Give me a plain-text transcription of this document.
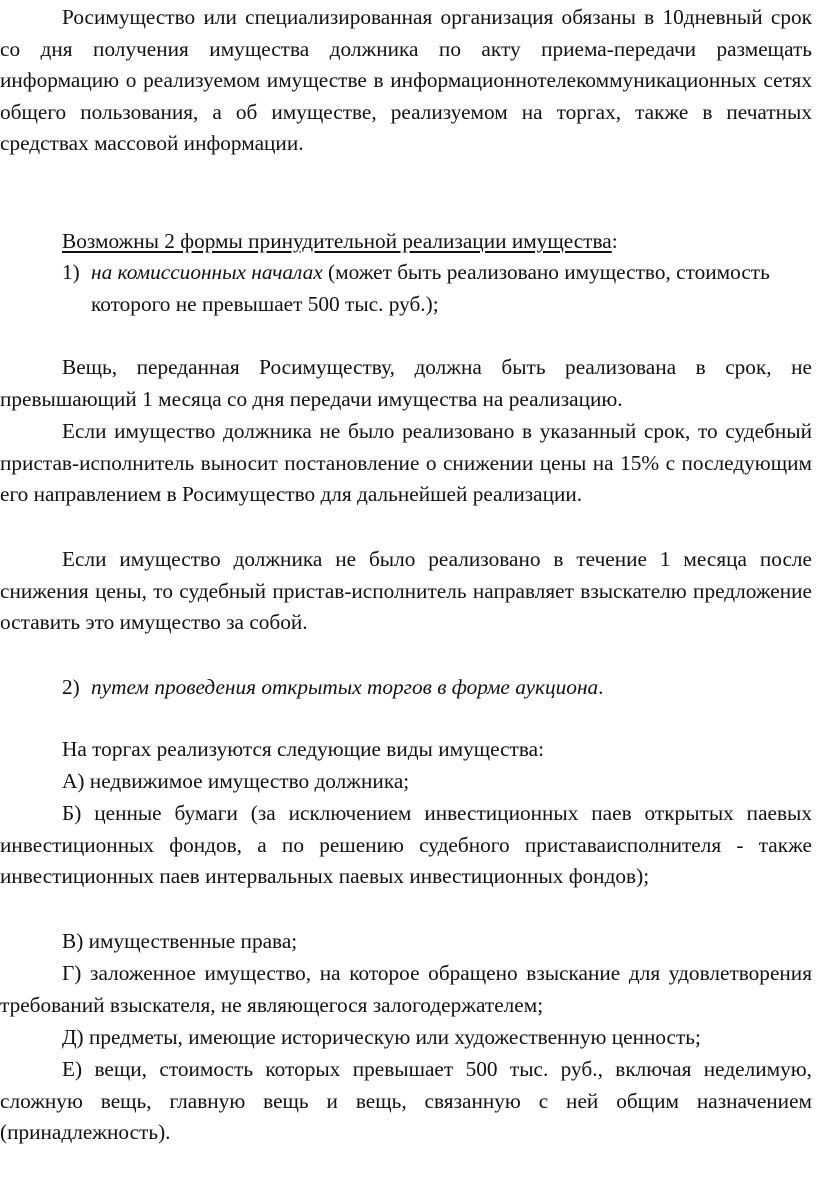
Росимущество или специализированная организация обязаны в 10дневный срок со дня получения имущества должника по акту приема-передачи размещать информацию о реализуемом имуществе в информационнотелекоммуникационных сетях общего пользования, а об имуществе, реализуемом на торгах, также в печатных средствах массовой информации.

Возможны 2 формы принудительной реализации имущества:

1) на комиссионных началах (может быть реализовано имущество, стоимость которого не превышает 500 тыс. руб.);

Вещь, переданная Росимуществу, должна быть реализована в срок, не превышающий 1 месяца со дня передачи имущества на реализацию.

Если имущество должника не было реализовано в указанный срок, то судебный пристав-исполнитель выносит постановление о снижении цены на 15% с последующим его направлением в Росимущество для дальнейшей реализации.

Если имущество должника не было реализовано в течение 1 месяца после снижения цены, то судебный пристав-исполнитель направляет взыскателю предложение оставить это имущество за собой.

2) путем проведения открытых торгов в форме аукциона.

На торгах реализуются следующие виды имущества:

А) недвижимое имущество должника;

Б) ценные бумаги (за исключением инвестиционных паев открытых паевых инвестиционных фондов, а по решению судебного приставаисполнителя - также инвестиционных паев интервальных паевых инвестиционных фондов);

В) имущественные права;

Г) заложенное имущество, на которое обращено взыскание для удовлетворения требований взыскателя, не являющегося залогодержателем;

Д) предметы, имеющие историческую или художественную ценность;

Е) вещи, стоимость которых превышает 500 тыс. руб., включая неделимую, сложную вещь, главную вещь и вещь, связанную с ней общим назначением (принадлежность).
